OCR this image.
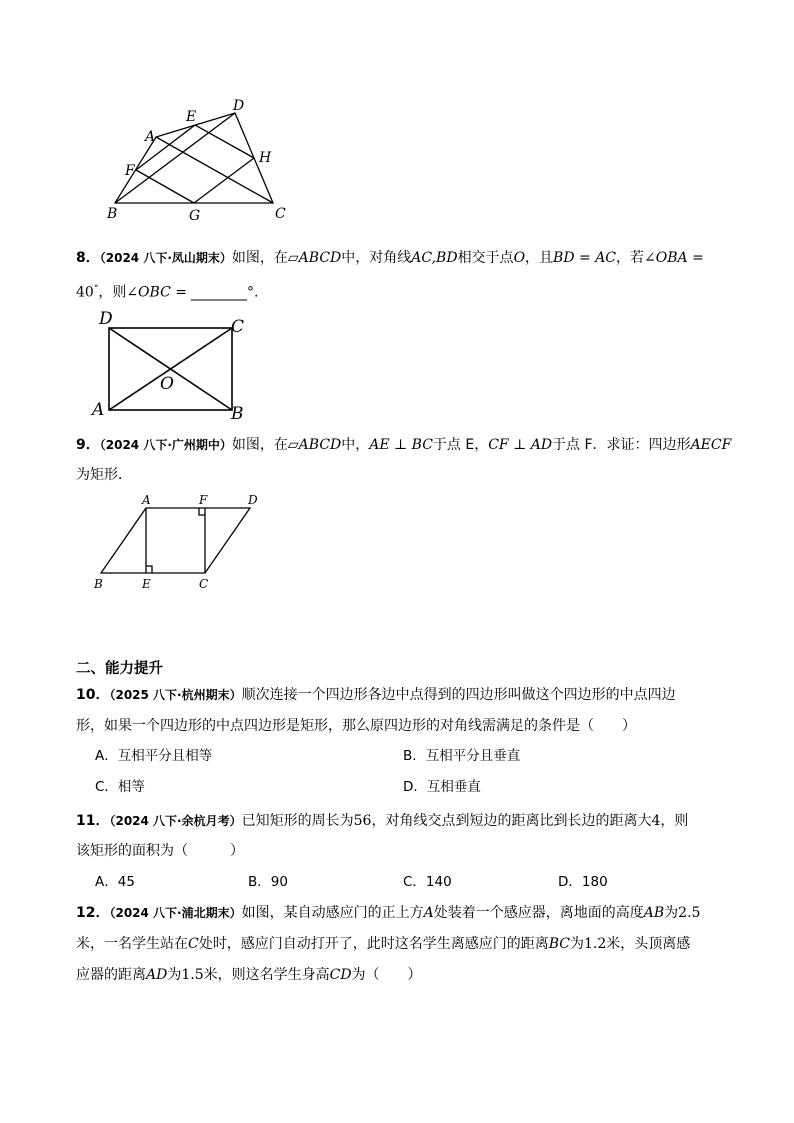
A
B	C
D
E
F
G
H
8．（2024 八下·凤山期末）如图，在▱ABCD中，对角线AC,BD相交于点O，且BD = AC，若∠OBA =
40°，则∠OBC = ________°.
A	B
C
D
O
9．（2024 八下·广州期中）如图，在▱ABCD中，AE ⊥ BC于点 E，CF ⊥ AD于点 F．求证：四边形AECF
为矩形．
A
B	C
D
E
F
二、能力提升
10．（2025 八下·杭州期末）顺次连接一个四边形各边中点得到的四边形叫做这个四边形的中点四边
形，如果一个四边形的中点四边形是矩形，那么原四边形的对角线需满足的条件是（　　）
A．互相平分且相等	B．互相平分且垂直
C．相等	D．互相垂直
11．（2024 八下·余杭月考）已知矩形的周长为56，对角线交点到短边的距离比到长边的距离大4，则
该矩形的面积为（　　　）
A．45	B．90	C．140	D．180
12．（2024 八下·浦北期末）如图，某自动感应门的正上方A处装着一个感应器，离地面的高度AB为2.5
米，一名学生站在C处时，感应门自动打开了，此时这名学生离感应门的距离BC为1.2米，头顶离感
应器的距离AD为1.5米，则这名学生身高CD为（　　）
